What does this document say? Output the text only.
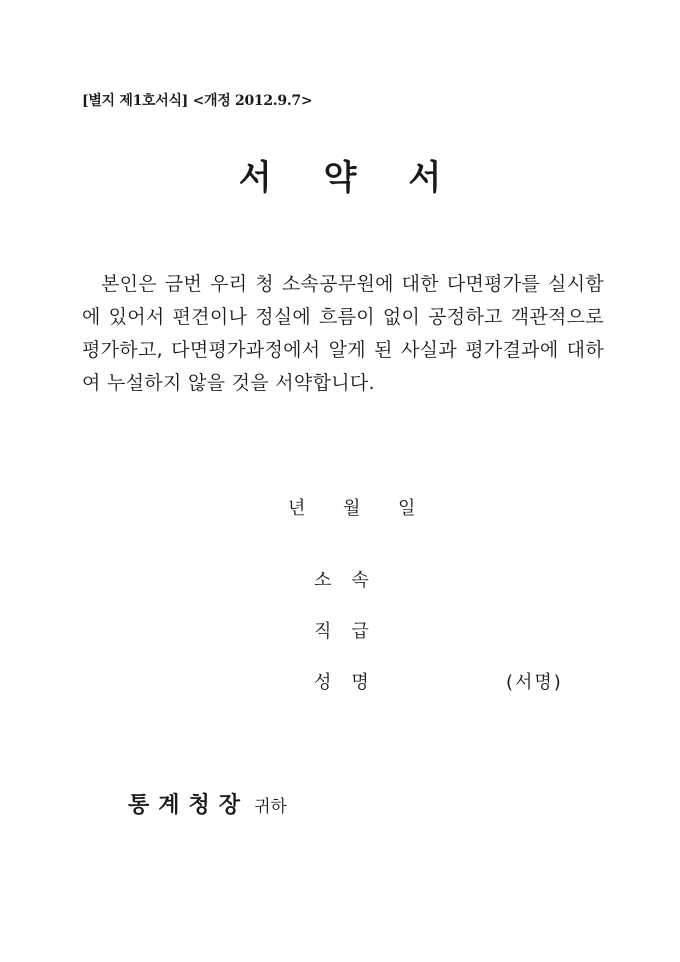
[별지 제1호서식] <개정 2012.9.7>
서약서
본인은 금번 우리 청 소속공무원에 대한 다면평가를 실시함에 있어서 편견이나 정실에 흐름이 없이 공정하고 객관적으로 평가하고, 다면평가과정에서 알게 된 사실과 평가결과에 대하여 누설하지 않을 것을 서약합니다.
년 월 일
소속
직급
성명	(서명)
통계청장 귀하
